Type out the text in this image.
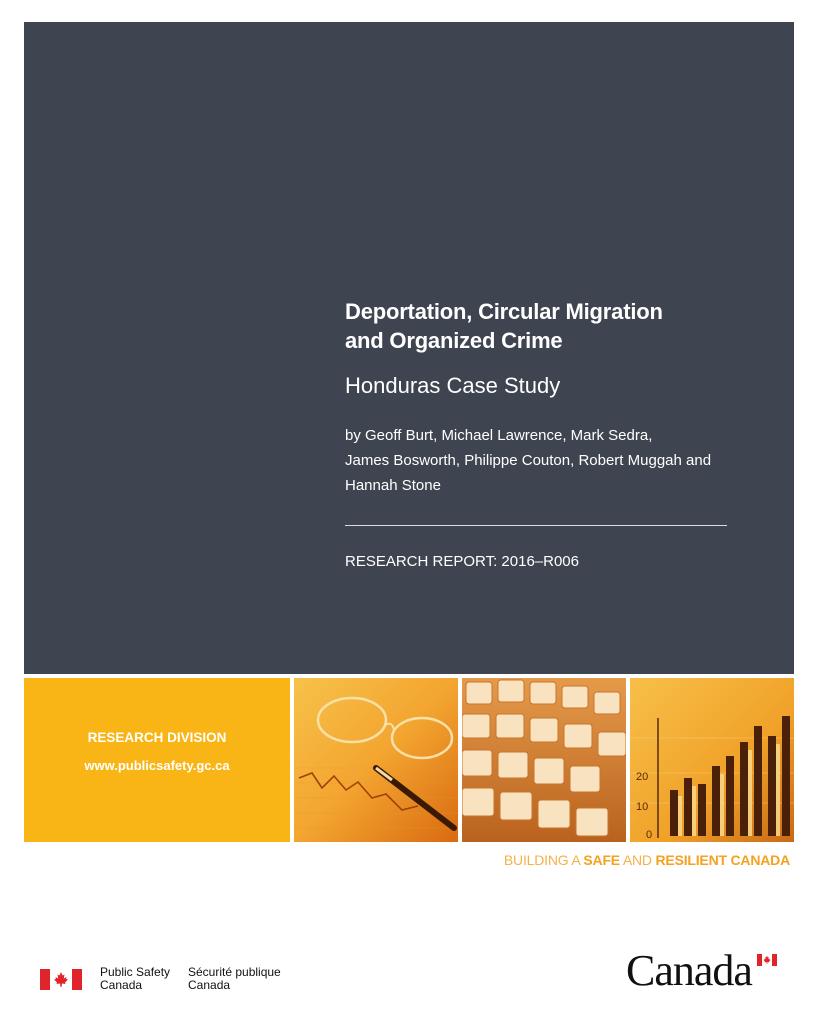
Deportation, Circular Migration
and Organized Crime
Honduras Case Study
by Geoff Burt, Michael Lawrence, Mark Sedra,
James Bosworth, Philippe Couton, Robert Muggah and
Hannah Stone
RESEARCH REPORT: 2016–R006
RESEARCH DIVISION
www.publicsafety.gc.ca
20
10
0
BUILDING A SAFE AND RESILIENT CANADA
Public Safety
Canada
Sécurité publique
Canada	Canada
